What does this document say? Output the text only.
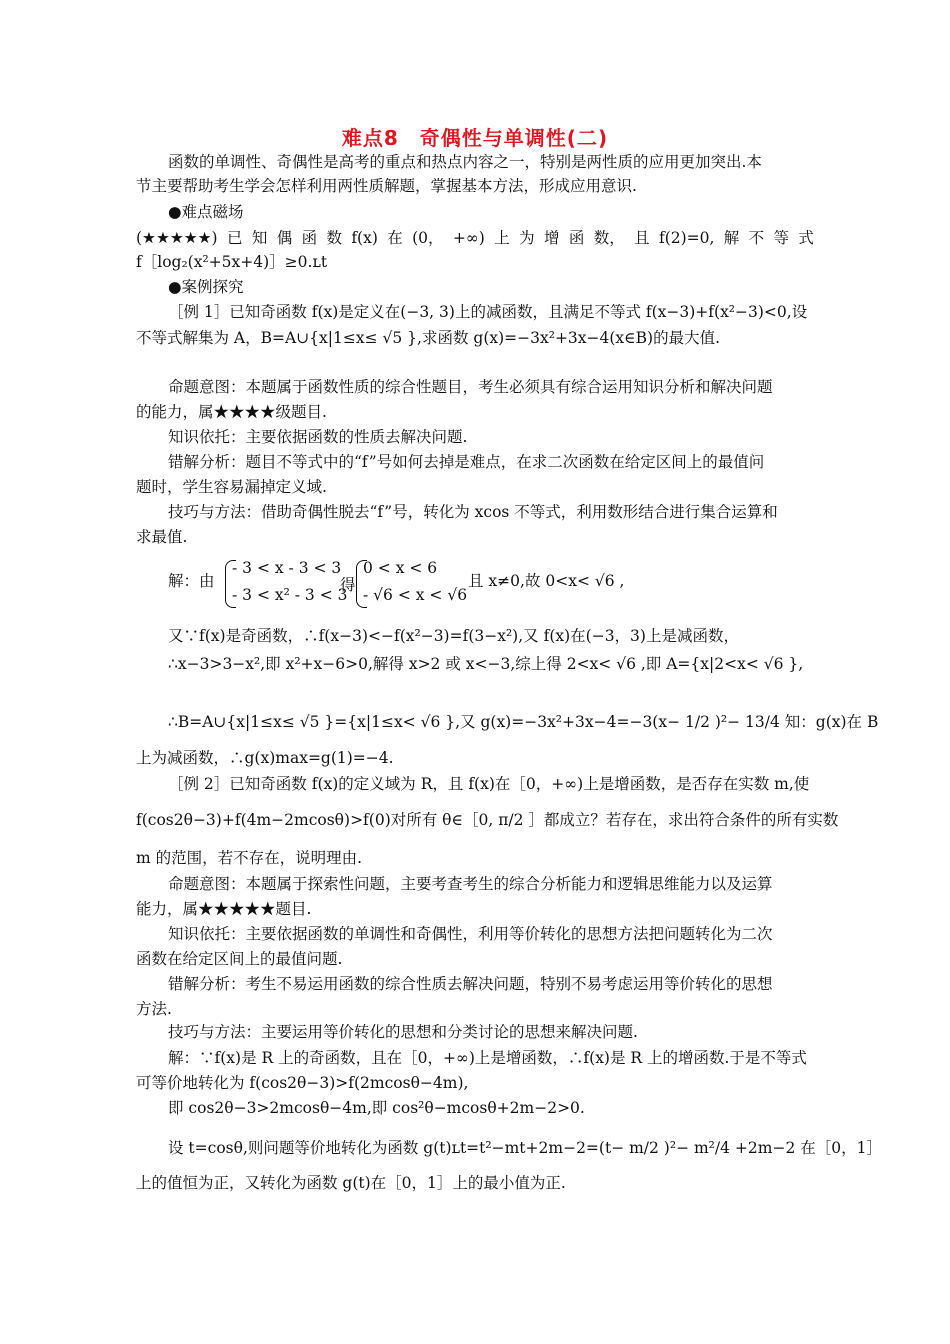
难点8　奇偶性与单调性(二)
函数的单调性、奇偶性是高考的重点和热点内容之一，特别是两性质的应用更加突出.本
节主要帮助考生学会怎样利用两性质解题，掌握基本方法，形成应用意识.
●难点磁场
(★★★★★) 已 知 偶 函 数 f(x) 在 (0， +∞) 上 为 增 函 数， 且 f(2)=0, 解 不 等 式
f［log₂(x²+5x+4)］≥0.ʟt
●案例探究
［例 1］已知奇函数 f(x)是定义在(−3, 3)上的减函数，且满足不等式 f(x−3)+f(x²−3)<0,设
不等式解集为 A，B=A∪{x|1≤x≤ √5 },求函数 g(x)=−3x²+3x−4(x∈B)的最大值.
命题意图：本题属于函数性质的综合性题目，考生必须具有综合运用知识分析和解决问题
的能力，属★★★★级题目.
知识依托：主要依据函数的性质去解决问题.
错解分析：题目不等式中的“f”号如何去掉是难点，在求二次函数在给定区间上的最值问
题时，学生容易漏掉定义域.
技巧与方法：借助奇偶性脱去“f”号，转化为 xcos 不等式，利用数形结合进行集合运算和
求最值.
解：由
- 3 < x - 3 < 3
- 3 < x² - 3 < 3
得
0 < x < 6
- √6 < x < √6
且 x≠0,故 0<x< √6 ,
又∵f(x)是奇函数，∴f(x−3)<−f(x²−3)=f(3−x²),又 f(x)在(−3，3)上是减函数，
∴x−3>3−x²,即 x²+x−6>0,解得 x>2 或 x<−3,综上得 2<x< √6 ,即 A={x|2<x< √6 },
∴B=A∪{x|1≤x≤ √5 }={x|1≤x< √6 },又 g(x)=−3x²+3x−4=−3(x− 1/2 )²− 13/4 知：g(x)在 B
上为减函数，∴g(x)max=g(1)=−4.
［例 2］已知奇函数 f(x)的定义域为 R，且 f(x)在［0，+∞)上是增函数，是否存在实数 m,使
f(cos2θ−3)+f(4m−2mcosθ)>f(0)对所有 θ∈［0, π/2 ］都成立？若存在，求出符合条件的所有实数
m 的范围，若不存在，说明理由.
命题意图：本题属于探索性问题，主要考查考生的综合分析能力和逻辑思维能力以及运算
能力，属★★★★★题目.
知识依托：主要依据函数的单调性和奇偶性，利用等价转化的思想方法把问题转化为二次
函数在给定区间上的最值问题.
错解分析：考生不易运用函数的综合性质去解决问题，特别不易考虑运用等价转化的思想
方法.
技巧与方法：主要运用等价转化的思想和分类讨论的思想来解决问题.
解：∵f(x)是 R 上的奇函数，且在［0，+∞)上是增函数，∴f(x)是 R 上的增函数.于是不等式
可等价地转化为 f(cos2θ−3)>f(2mcosθ−4m),
即 cos2θ−3>2mcosθ−4m,即 cos²θ−mcosθ+2m−2>0.
设 t=cosθ,则问题等价地转化为函数 g(t)ʟt=t²−mt+2m−2=(t− m/2 )²− m²/4 +2m−2 在［0，1］
上的值恒为正，又转化为函数 g(t)在［0，1］上的最小值为正.
